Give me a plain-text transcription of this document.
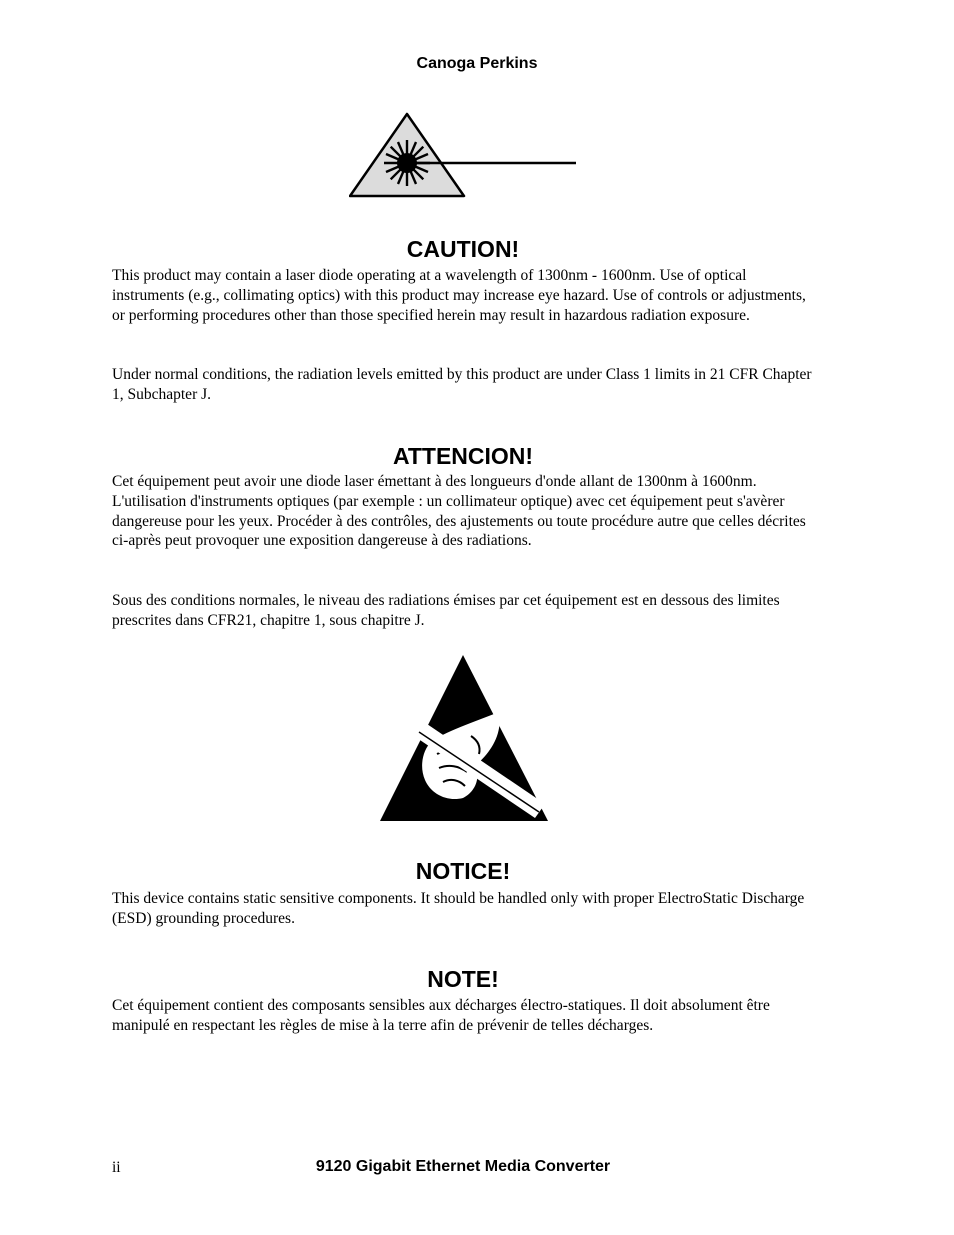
Canoga Perkins
CAUTION!

This product may contain a laser diode operating at a wavelength of 1300nm - 1600nm. Use of optical instruments (e.g., collimating optics) with this product may increase eye hazard. Use of controls or adjustments, or performing procedures other than those specified herein may result in hazardous radiation exposure.

Under normal conditions, the radiation levels emitted by this product are under Class 1 limits in 21 CFR Chapter 1, Subchapter J.

ATTENCION!

Cet équipement peut avoir une diode laser émettant à des longueurs d'onde allant de 1300nm à 1600nm. L'utilisation d'instruments optiques (par exemple : un collimateur optique) avec cet équipement peut s'avèrer dangereuse pour les yeux. Procéder à des contrôles, des ajustements ou toute procédure autre que celles décrites ci-après peut provoquer une exposition dangereuse à des radiations.

Sous des conditions normales, le niveau des radiations émises par cet équipement est en dessous des limites prescrites dans CFR21, chapitre 1, sous chapitre J.

NOTICE!

This device contains static sensitive components. It should be handled only with proper ElectroStatic Discharge (ESD) grounding procedures.

NOTE!

Cet équipement contient des composants sensibles aux décharges électro-statiques. Il doit absolument être manipulé en respectant les règles de mise à la terre afin de prévenir de telles décharges.

ii	9120 Gigabit Ethernet Media Converter
